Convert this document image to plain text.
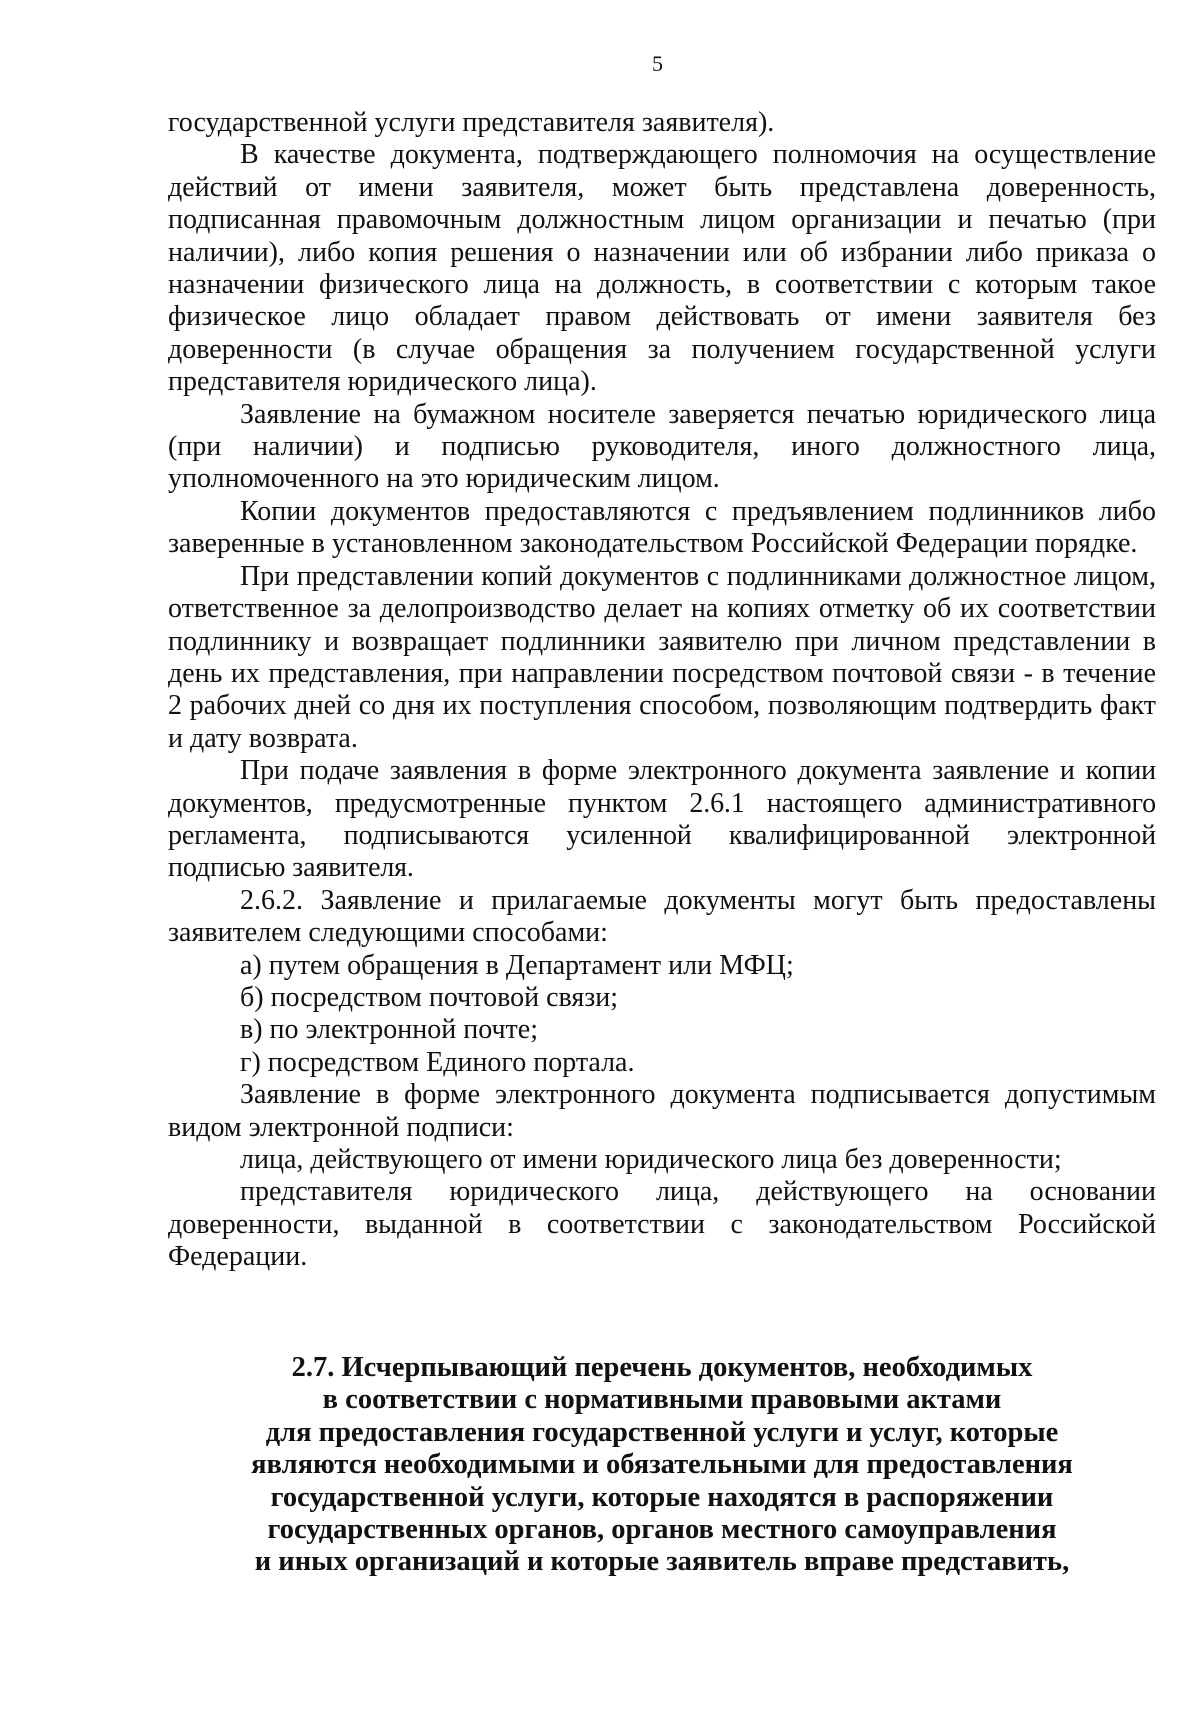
5

государственной услуги представителя заявителя).

В качестве документа, подтверждающего полномочия на осуществление действий от имени заявителя, может быть представлена доверенность, подписанная правомочным должностным лицом организации и печатью (при наличии), либо копия решения о назначении или об избрании либо приказа о назначении физического лица на должность, в соответствии с которым такое физическое лицо обладает правом действовать от имени заявителя без доверенности (в случае обращения за получением государственной услуги представителя юридического лица).

Заявление на бумажном носителе заверяется печатью юридического лица (при наличии) и подписью руководителя, иного должностного лица, уполномоченного на это юридическим лицом.

Копии документов предоставляются с предъявлением подлинников либо заверенные в установленном законодательством Российской Федерации порядке.

При представлении копий документов с подлинниками должностное лицом, ответственное за делопроизводство делает на копиях отметку об их соответствии подлиннику и возвращает подлинники заявителю при личном представлении в день их представления, при направлении посредством почтовой связи - в течение 2 рабочих дней со дня их поступления способом, позволяющим подтвердить факт и дату возврата.

При подаче заявления в форме электронного документа заявление и копии документов, предусмотренные пунктом 2.6.1 настоящего административного регламента, подписываются усиленной квалифицированной электронной подписью заявителя.

2.6.2. Заявление и прилагаемые документы могут быть предоставлены заявителем следующими способами:

а) путем обращения в Департамент или МФЦ;

б) посредством почтовой связи;

в) по электронной почте;

г) посредством Единого портала.

Заявление в форме электронного документа подписывается допустимым видом электронной подписи:

лица, действующего от имени юридического лица без доверенности;

представителя юридического лица, действующего на основании доверенности, выданной в соответствии с законодательством Российской Федерации.

2.7. Исчерпывающий перечень документов, необходимых
в соответствии с нормативными правовыми актами
для предоставления государственной услуги и услуг, которые
являются необходимыми и обязательными для предоставления
государственной услуги, которые находятся в распоряжении
государственных органов, органов местного самоуправления
и иных организаций и которые заявитель вправе представить,
